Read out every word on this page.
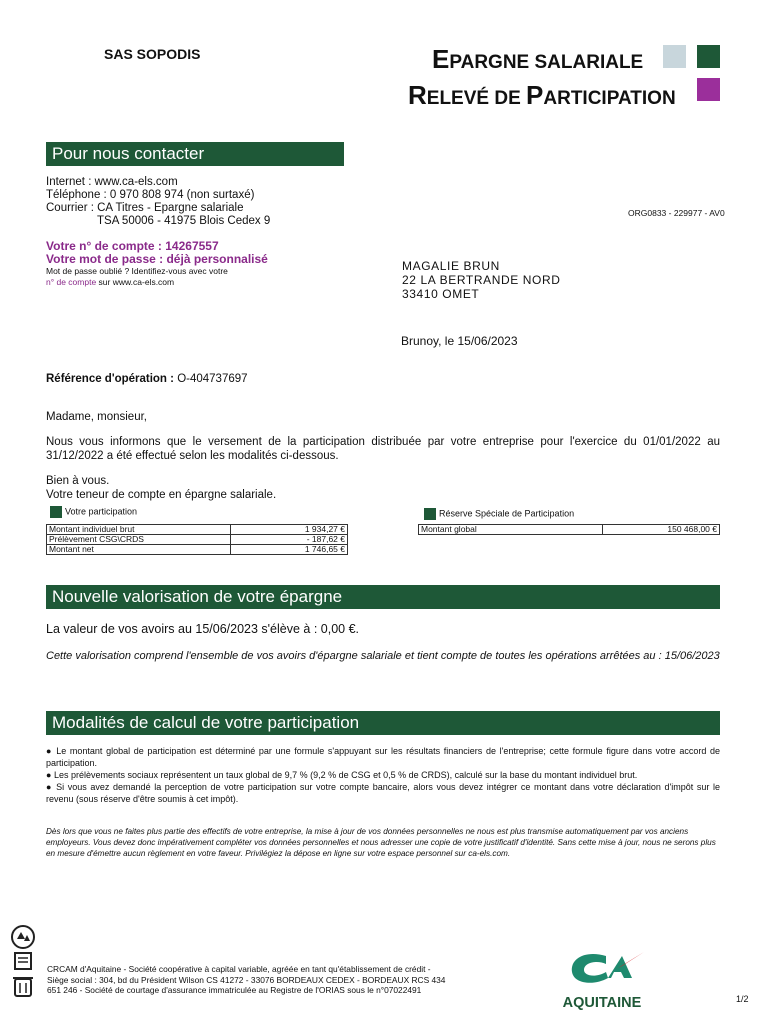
SAS SOPODIS	EPARGNE SALARIALE
RELEVÉ DE PARTICIPATION
Pour nous contacter
Internet : www.ca-els.com
Téléphone : 0 970 808 974 (non surtaxé)
Courrier : CA Titres - Epargne salariale
TSA 50006 - 41975 Blois Cedex 9
Votre n° de compte : 14267557
Votre mot de passe : déjà personnalisé
Mot de passe oublié ? Identifiez-vous avec votre
n° de compte sur www.ca-els.com
ORG0833 - 229977 - AV0
MAGALIE BRUN
22 LA BERTRANDE NORD
33410 OMET
Brunoy, le 15/06/2023
Référence d'opération : O-404737697
Madame, monsieur,
Nous vous informons que le versement de la participation distribuée par votre entreprise pour l'exercice du 01/01/2022 au 31/12/2022 a été effectué selon les modalités ci-dessous.
Bien à vous.
Votre teneur de compte en épargne salariale.
Votre participation
Montant individuel brut	1 934,27 €
Prélèvement CSG\CRDS	- 187,62 €
Montant net	1 746,65 €
Réserve Spéciale de Participation
Montant global	150 468,00 €
Nouvelle valorisation de votre épargne
La valeur de vos avoirs au 15/06/2023 s'élève à : 0,00 €.
Cette valorisation comprend l'ensemble de vos avoirs d'épargne salariale et tient compte de toutes les opérations arrêtées au : 15/06/2023
Modalités de calcul de votre participation
● Le montant global de participation est déterminé par une formule s'appuyant sur les résultats financiers de l'entreprise; cette formule figure dans votre accord de participation.
● Les prélèvements sociaux représentent un taux global de 9,7 % (9,2 % de CSG et 0,5 % de CRDS), calculé sur la base du montant individuel brut.
● Si vous avez demandé la perception de votre participation sur votre compte bancaire, alors vous devez intégrer ce montant dans votre déclaration d'impôt sur le revenu (sous réserve d'être soumis à cet impôt).
Dès lors que vous ne faites plus partie des effectifs de votre entreprise, la mise à jour de vos données personnelles ne nous est plus transmise automatiquement par vos anciens employeurs. Vous devez donc impérativement compléter vos données personnelles et nous adresser une copie de votre justificatif d'identité. Sans cette mise à jour, nous ne serons plus en mesure d'émettre aucun règlement en votre faveur. Privilégiez la dépose en ligne sur votre espace personnel sur ca-els.com.
CRCAM d'Aquitaine - Société coopérative à capital variable, agréée en tant qu'établissement de crédit -
Siège social : 304, bd du Président Wilson CS 41272 - 33076 BORDEAUX CEDEX - BORDEAUX RCS 434
651 246 - Société de courtage d'assurance immatriculée au Registre de l'ORIAS sous le n°07022491
AQUITAINE	1/2
